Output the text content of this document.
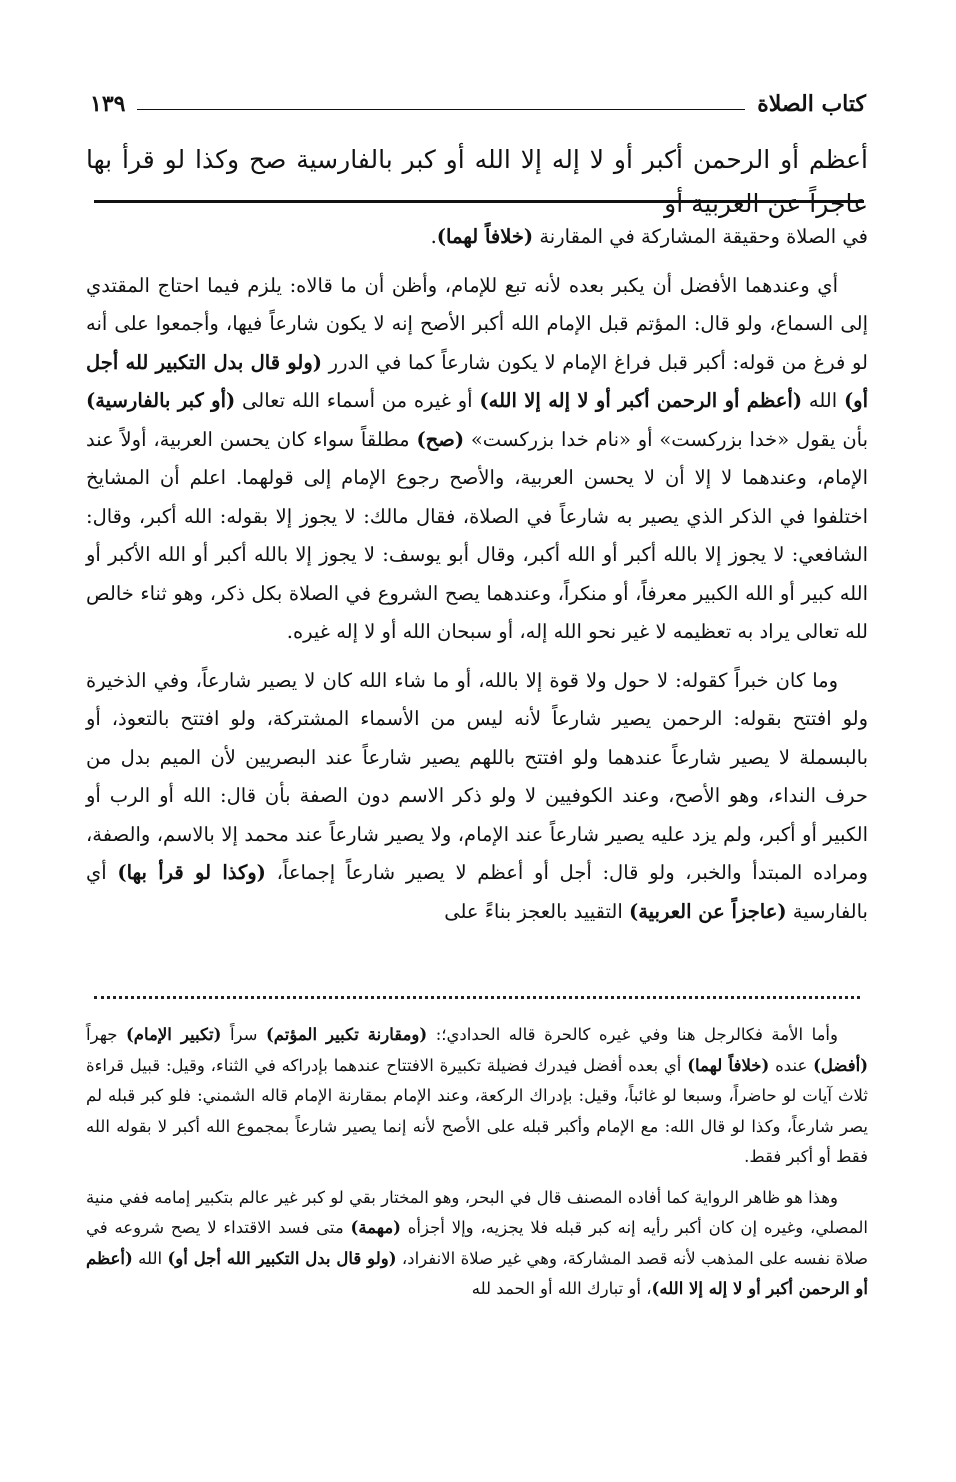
كتاب الصلاة
١٣٩
أعظم أو الرحمن أكبر أو لا إله إلا الله أو كبر بالفارسية صح وكذا لو قرأ بها عاجزاً عن العربية أو

في الصلاة وحقيقة المشاركة في المقارنة (خلافاً لهما).

أي وعندهما الأفضل أن يكبر بعده لأنه تبع للإمام، وأظن أن ما قالاه: يلزم فيما احتاج المقتدي إلى السماع، ولو قال: المؤتم قبل الإمام الله أكبر الأصح إنه لا يكون شارعاً فيها، وأجمعوا على أنه لو فرغ من قوله: أكبر قبل فراغ الإمام لا يكون شارعاً كما في الدرر (ولو قال بدل التكبير لله أجل أو) الله (أعظم أو الرحمن أكبر أو لا إله إلا الله) أو غيره من أسماء الله تعالى (أو كبر بالفارسية) بأن يقول «خدا بزركست» أو «نام خدا بزركست» (صح) مطلقاً سواء كان يحسن العربية، أولاً عند الإمام، وعندهما لا إلا أن لا يحسن العربية، والأصح رجوع الإمام إلى قولهما. اعلم أن المشايخ اختلفوا في الذكر الذي يصير به شارعاً في الصلاة، فقال مالك: لا يجوز إلا بقوله: الله أكبر، وقال: الشافعي: لا يجوز إلا بالله أكبر أو الله أكبر، وقال أبو يوسف: لا يجوز إلا بالله أكبر أو الله الأكبر أو الله كبير أو الله الكبير معرفاً، أو منكراً، وعندهما يصح الشروع في الصلاة بكل ذكر، وهو ثناء خالص لله تعالى يراد به تعظيمه لا غير نحو الله إله، أو سبحان الله أو لا إله غيره.

وما كان خبراً كقوله: لا حول ولا قوة إلا بالله، أو ما شاء الله كان لا يصير شارعاً، وفي الذخيرة ولو افتتح بقوله: الرحمن يصير شارعاً لأنه ليس من الأسماء المشتركة، ولو افتتح بالتعوذ، أو بالبسملة لا يصير شارعاً عندهما ولو افتتح باللهم يصير شارعاً عند البصريين لأن الميم بدل من حرف النداء، وهو الأصح، وعند الكوفيين لا ولو ذكر الاسم دون الصفة بأن قال: الله أو الرب أو الكبير أو أكبر، ولم يزد عليه يصير شارعاً عند الإمام، ولا يصير شارعاً عند محمد إلا بالاسم، والصفة، ومراده المبتدأ والخبر، ولو قال: أجل أو أعظم لا يصير شارعاً إجماعاً، (وكذا لو قرأ بها) أي بالفارسية (عاجزاً عن العربية) التقييد بالعجز بناءً على

وأما الأمة فكالرجل هنا وفي غيره كالحرة قاله الحدادي؛: (ومقارنة تكبير المؤتم) سراً (تكبير الإمام) جهراً (أفضل) عنده (خلافاً لهما) أي بعده أفضل فيدرك فضيلة تكبيرة الافتتاح عندهما بإدراكه في الثناء، وقيل: قبيل قراءة ثلاث آيات لو حاضراً، وسبعا لو غائباً، وقيل: بإدراك الركعة، وعند الإمام بمقارنة الإمام قاله الشمني: فلو كبر قبله لم يصر شارعاً، وكذا لو قال الله: مع الإمام وأكبر قبله على الأصح لأنه إنما يصير شارعاً بمجموع الله أكبر لا بقوله الله فقط أو أكبر فقط.

وهذا هو ظاهر الرواية كما أفاده المصنف قال في البحر، وهو المختار بقي لو كبر غير عالم بتكبير إمامه ففي منية المصلي، وغيره إن كان أكبر رأيه إنه كبر قبله فلا يجزيه، وإلا أجزأه (مهمة) متى فسد الاقتداء لا يصح شروعه في صلاة نفسه على المذهب لأنه قصد المشاركة، وهي غير صلاة الانفراد، (ولو قال بدل التكبير الله أجل أو) الله (أعظم أو الرحمن أكبر أو لا إله إلا الله)، أو تبارك الله أو الحمد لله
